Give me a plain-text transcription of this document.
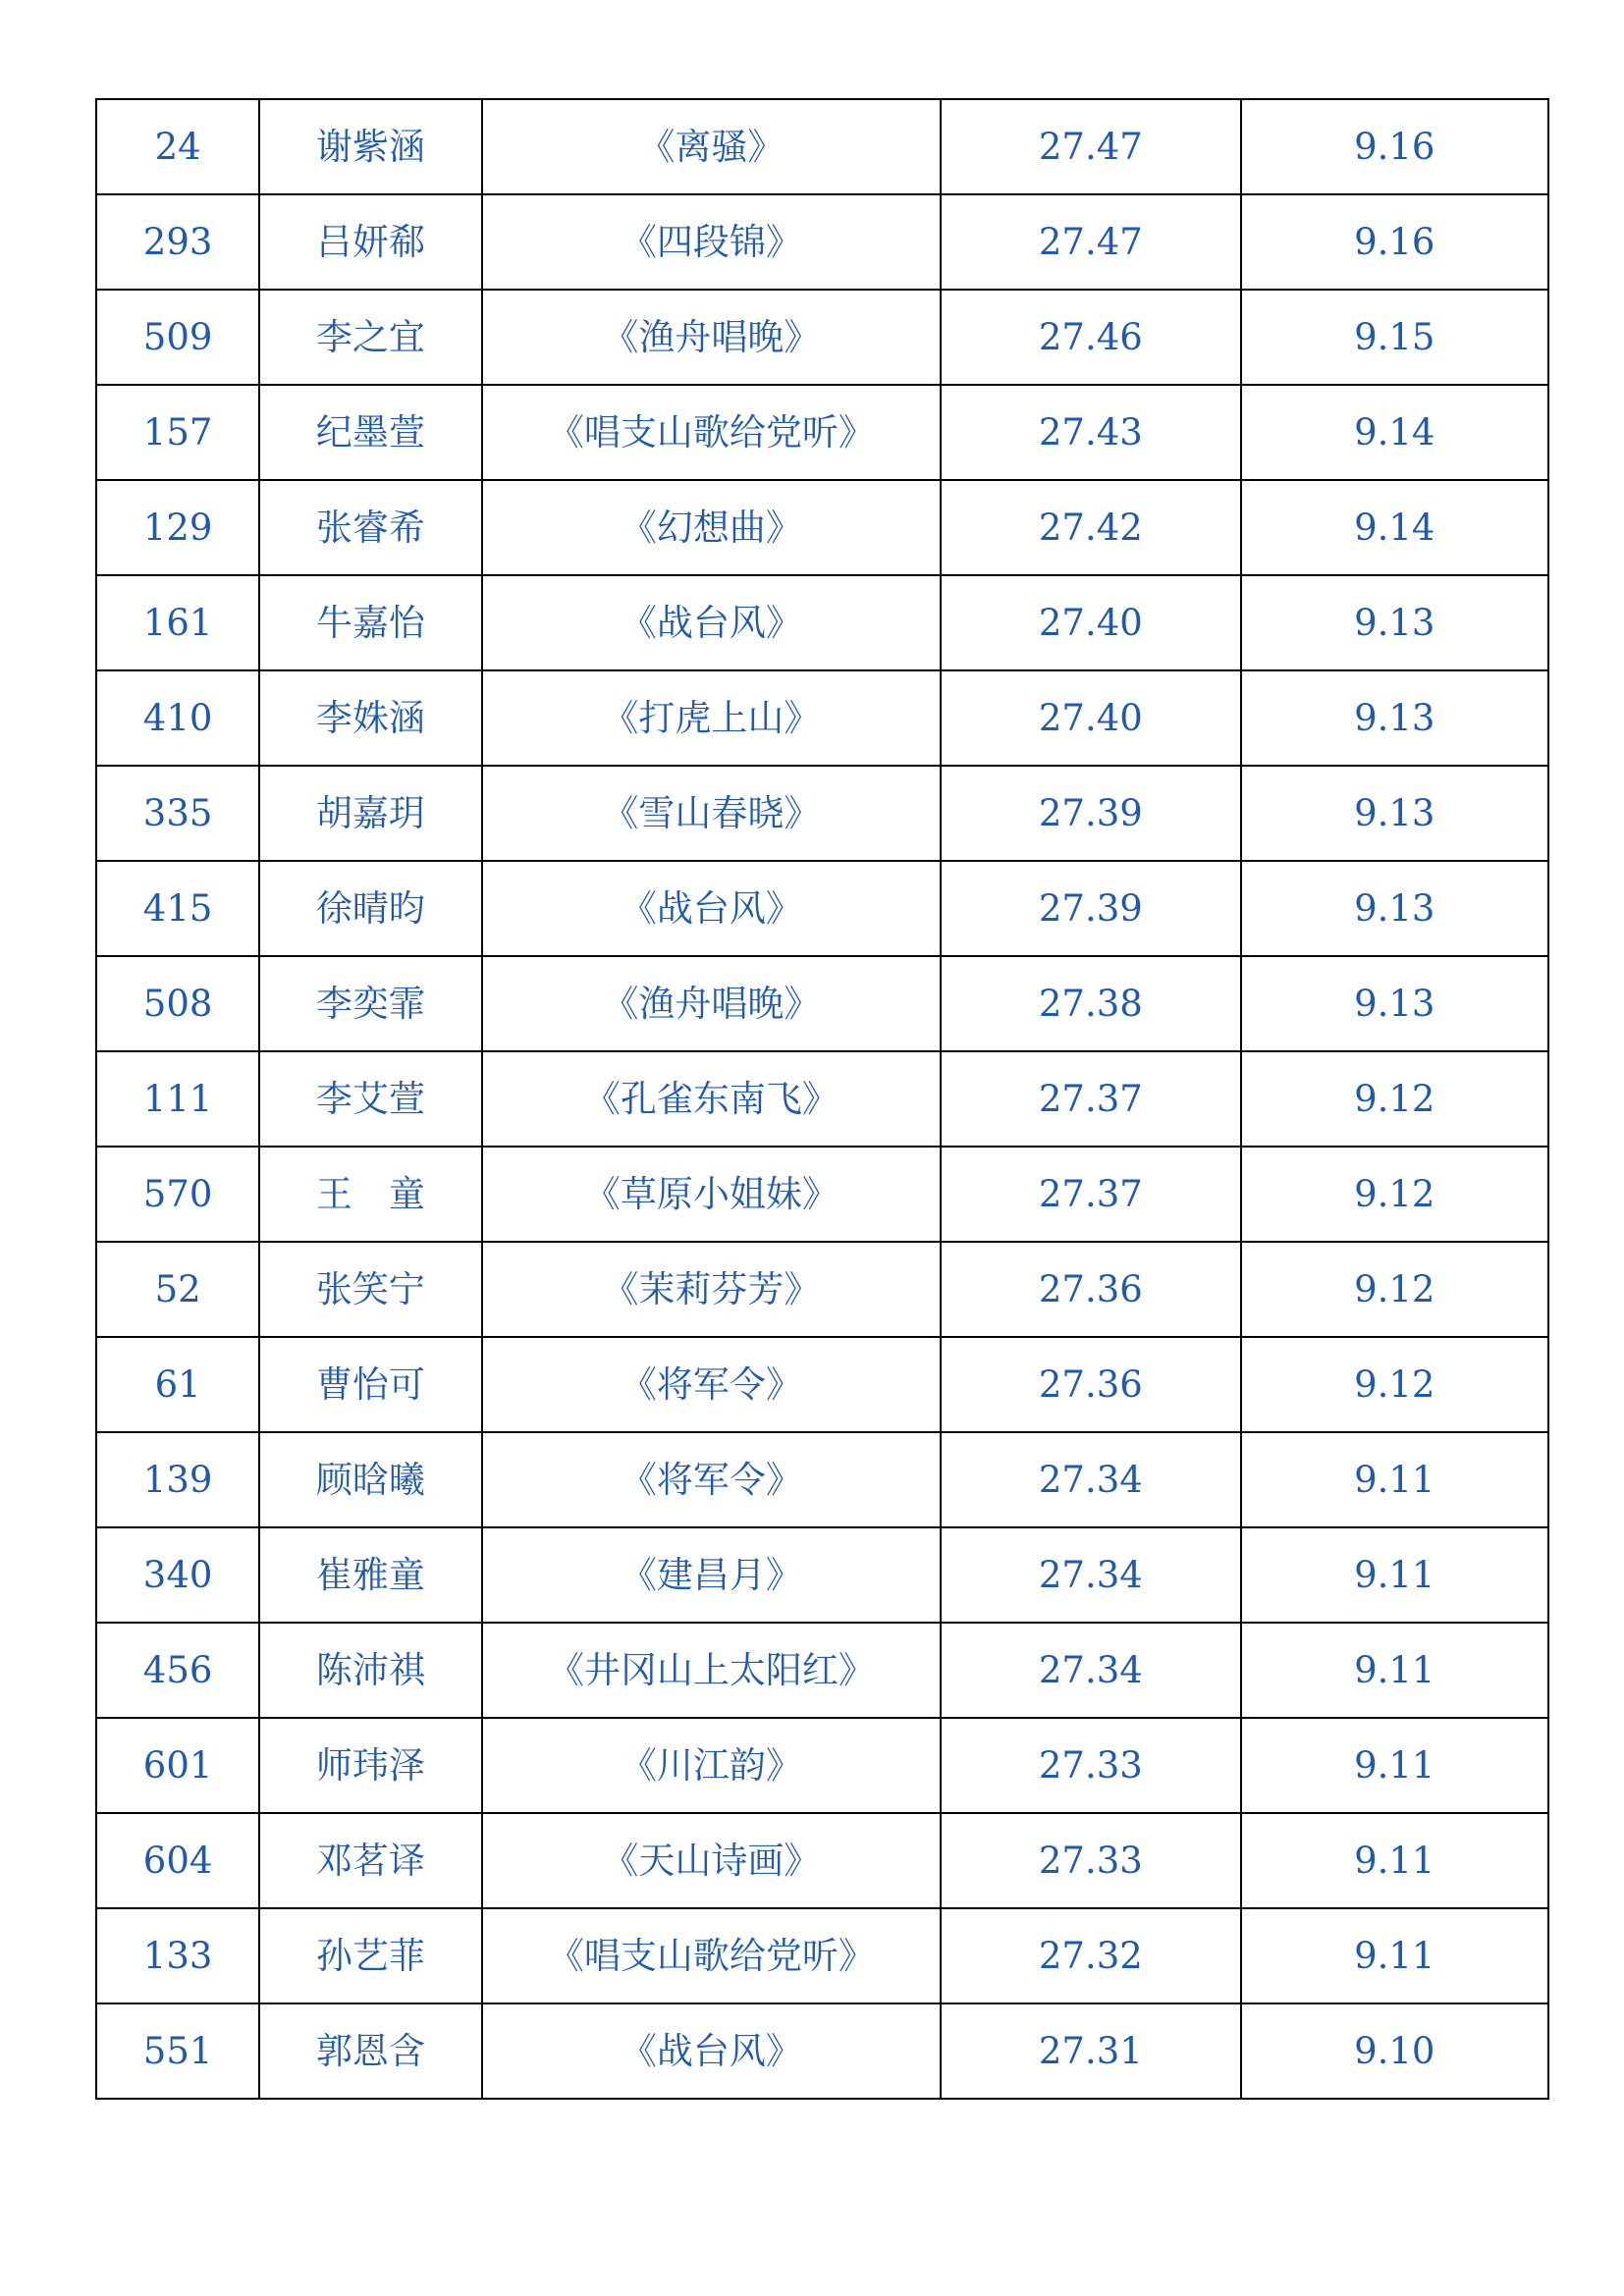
24	谢紫涵	《离骚》	27.47	9.16
293	吕妍郗	《四段锦》	27.47	9.16
509	李之宜	《渔舟唱晚》	27.46	9.15
157	纪墨萱	《唱支山歌给党听》	27.43	9.14
129	张睿希	《幻想曲》	27.42	9.14
161	牛嘉怡	《战台风》	27.40	9.13
410	李姝涵	《打虎上山》	27.40	9.13
335	胡嘉玥	《雪山春晓》	27.39	9.13
415	徐晴昀	《战台风》	27.39	9.13
508	李奕霏	《渔舟唱晚》	27.38	9.13
111	李艾萱	《孔雀东南飞》	27.37	9.12
570	王　童	《草原小姐妹》	27.37	9.12
52	张笑宁	《茉莉芬芳》	27.36	9.12
61	曹怡可	《将军令》	27.36	9.12
139	顾晗曦	《将军令》	27.34	9.11
340	崔雅童	《建昌月》	27.34	9.11
456	陈沛祺	《井冈山上太阳红》	27.34	9.11
601	师玮泽	《川江韵》	27.33	9.11
604	邓茗译	《天山诗画》	27.33	9.11
133	孙艺菲	《唱支山歌给党听》	27.32	9.11
551	郭恩含	《战台风》	27.31	9.10
